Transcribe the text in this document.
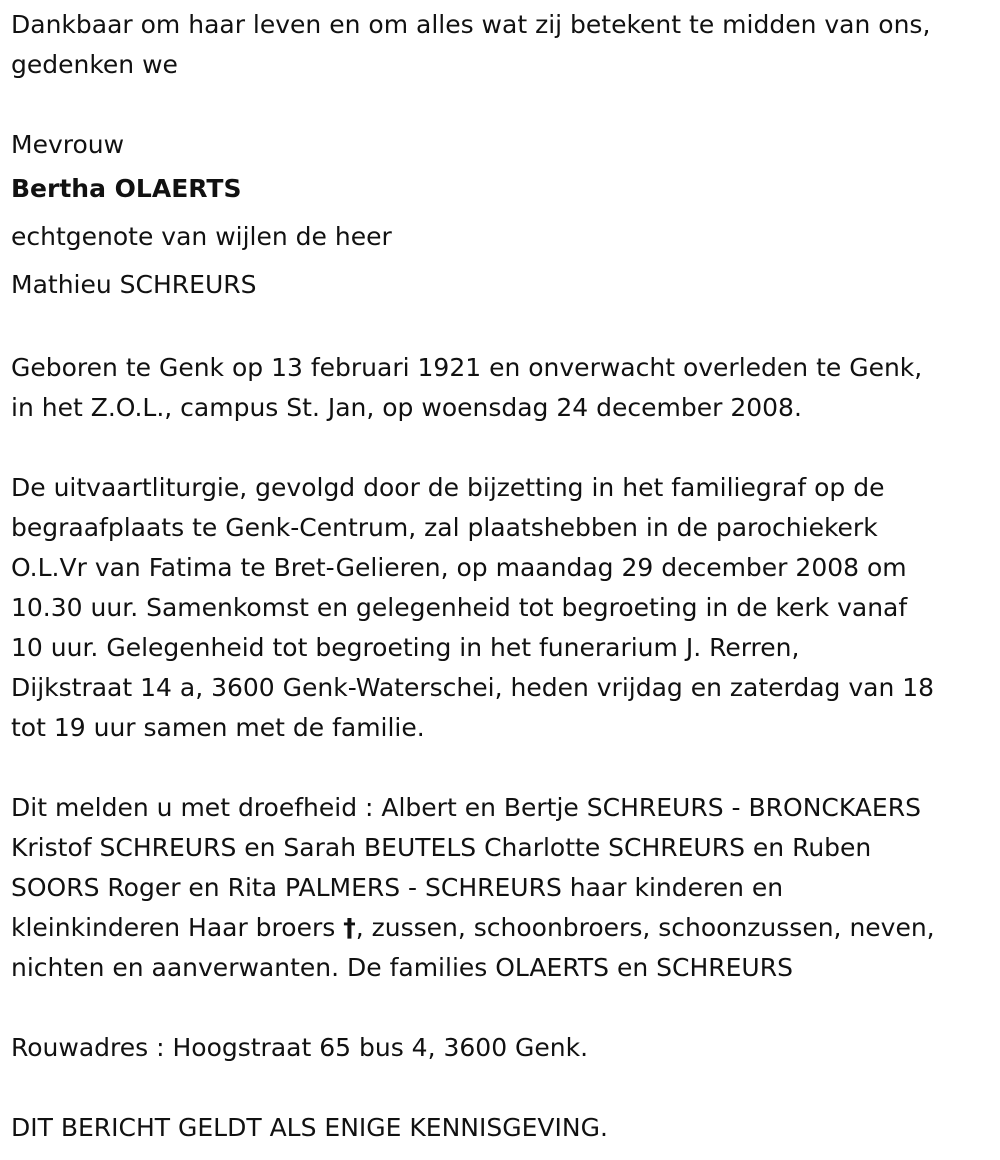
Dankbaar om haar leven en om alles wat zij betekent te midden van ons,
gedenken we
Mevrouw
Bertha OLAERTS
echtgenote van wijlen de heer
Mathieu SCHREURS
Geboren te Genk op 13 februari 1921 en onverwacht overleden te Genk,
in het Z.O.L., campus St. Jan, op woensdag 24 december 2008.
De uitvaartliturgie, gevolgd door de bijzetting in het familiegraf op de
begraafplaats te Genk-Centrum, zal plaatshebben in de parochiekerk
O.L.Vr van Fatima te Bret-Gelieren, op maandag 29 december 2008 om
10.30 uur. Samenkomst en gelegenheid tot begroeting in de kerk vanaf
10 uur. Gelegenheid tot begroeting in het funerarium J. Rerren,
Dijkstraat 14 a, 3600 Genk-Waterschei, heden vrijdag en zaterdag van 18
tot 19 uur samen met de familie.
Dit melden u met droefheid : Albert en Bertje SCHREURS - BRONCKAERS
Kristof SCHREURS en Sarah BEUTELS Charlotte SCHREURS en Ruben
SOORS Roger en Rita PALMERS - SCHREURS haar kinderen en
kleinkinderen Haar broers †, zussen, schoonbroers, schoonzussen, neven,
nichten en aanverwanten. De families OLAERTS en SCHREURS
Rouwadres : Hoogstraat 65 bus 4, 3600 Genk.
DIT BERICHT GELDT ALS ENIGE KENNISGEVING.
